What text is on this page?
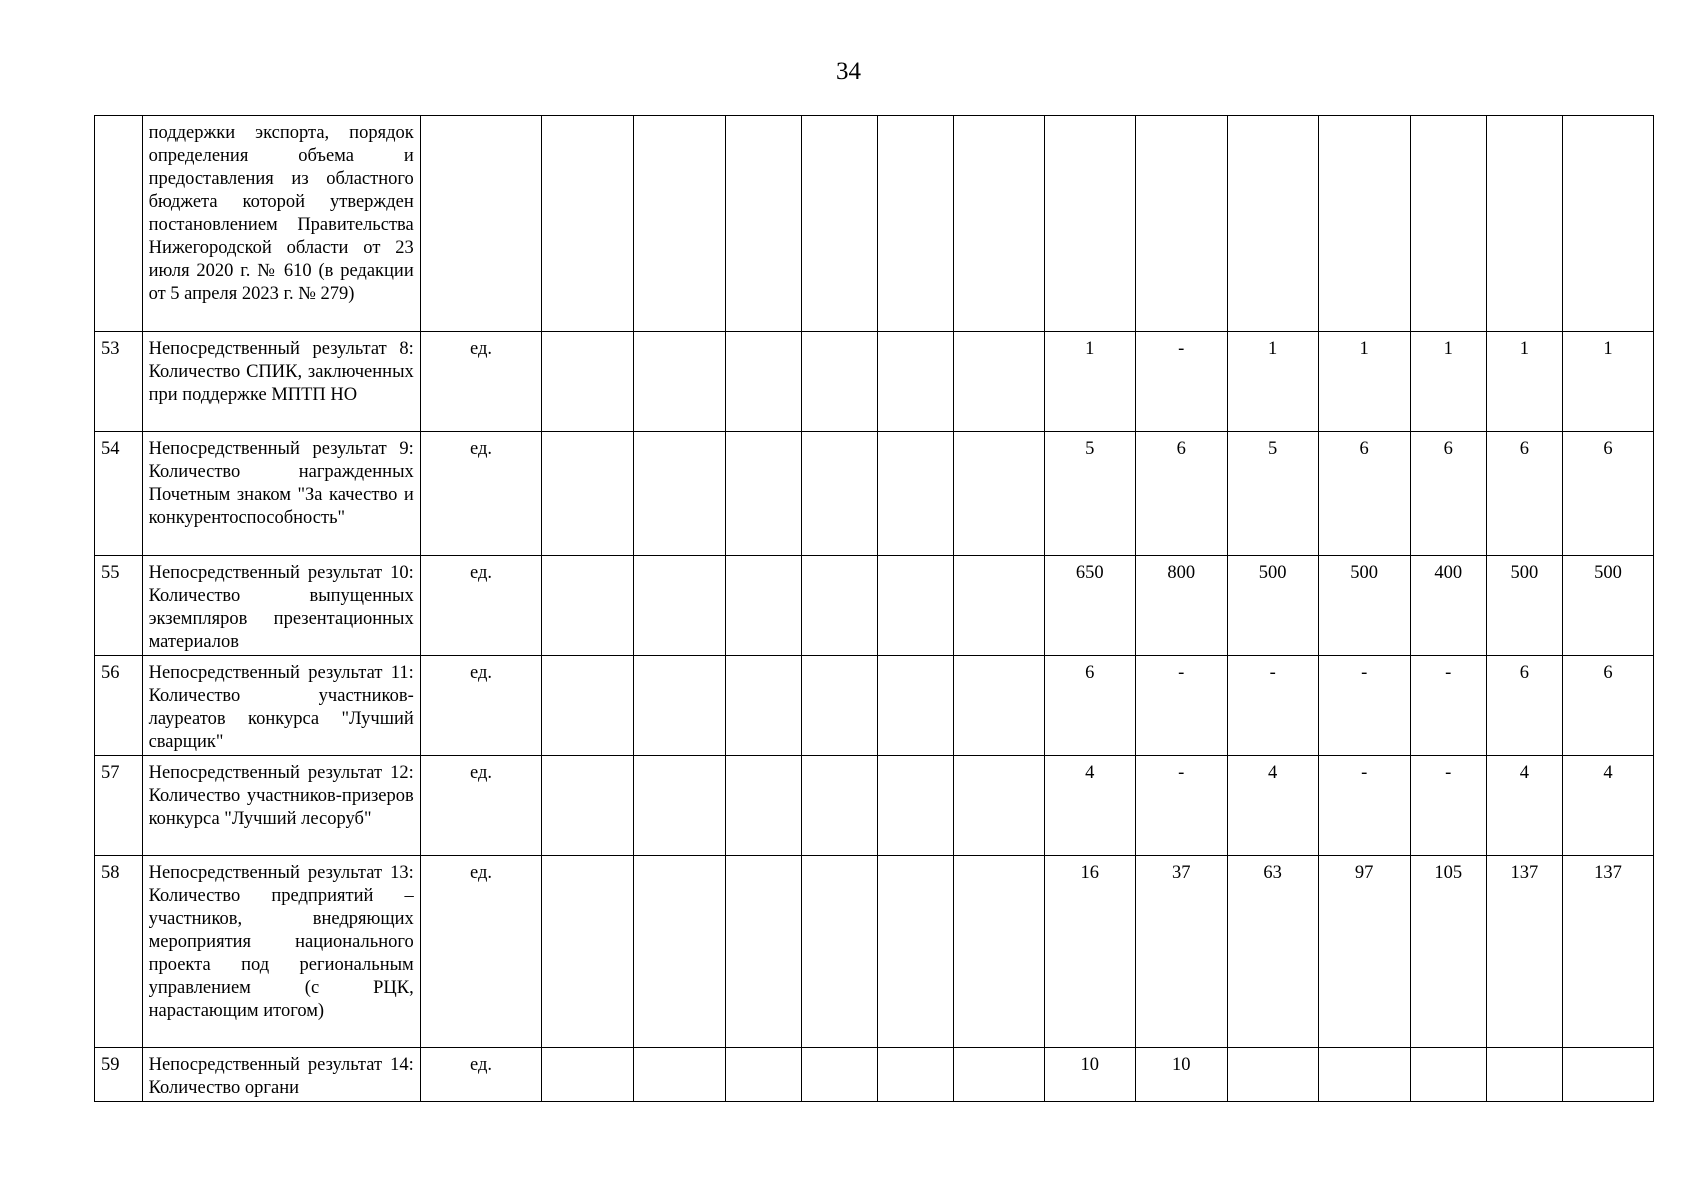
34
	поддержки экспорта, порядок определения объема и предоставления из областного бюджета которой утвержден постановлением Правительства Нижегородской области от 23 июля 2020 г. № 610 (в редакции от 5 апреля 2023 г. № 279)														
53	Непосредственный результат 8: Количество СПИК, заключенных при поддержке МПТП НО	ед.							1	-	1	1	1	1	1
54	Непосредственный результат 9: Количество награжденных Почетным знаком "За качество и конкурентoспособность"	ед.							5	6	5	6	6	6	6
55	Непосредственный результат 10: Количество выпущенных экземпляров презентационных материалов	ед.							650	800	500	500	400	500	500
56	Непосредственный результат 11: Количество участников-лауреатов конкурса "Лучший сварщик"	ед.							6	-	-	-	-	6	6
57	Непосредственный результат 12: Количество участников-призеров конкурса "Лучший лесоруб"	ед.							4	-	4	-	-	4	4
58	Непосредственный результат 13: Количество предприятий – участников, внедряющих мероприятия национального проекта под региональным управлением (с РЦК, нарастающим итогом)	ед.							16	37	63	97	105	137	137
59	Непосредственный результат 14: Количество органи	ед.							10	10					
